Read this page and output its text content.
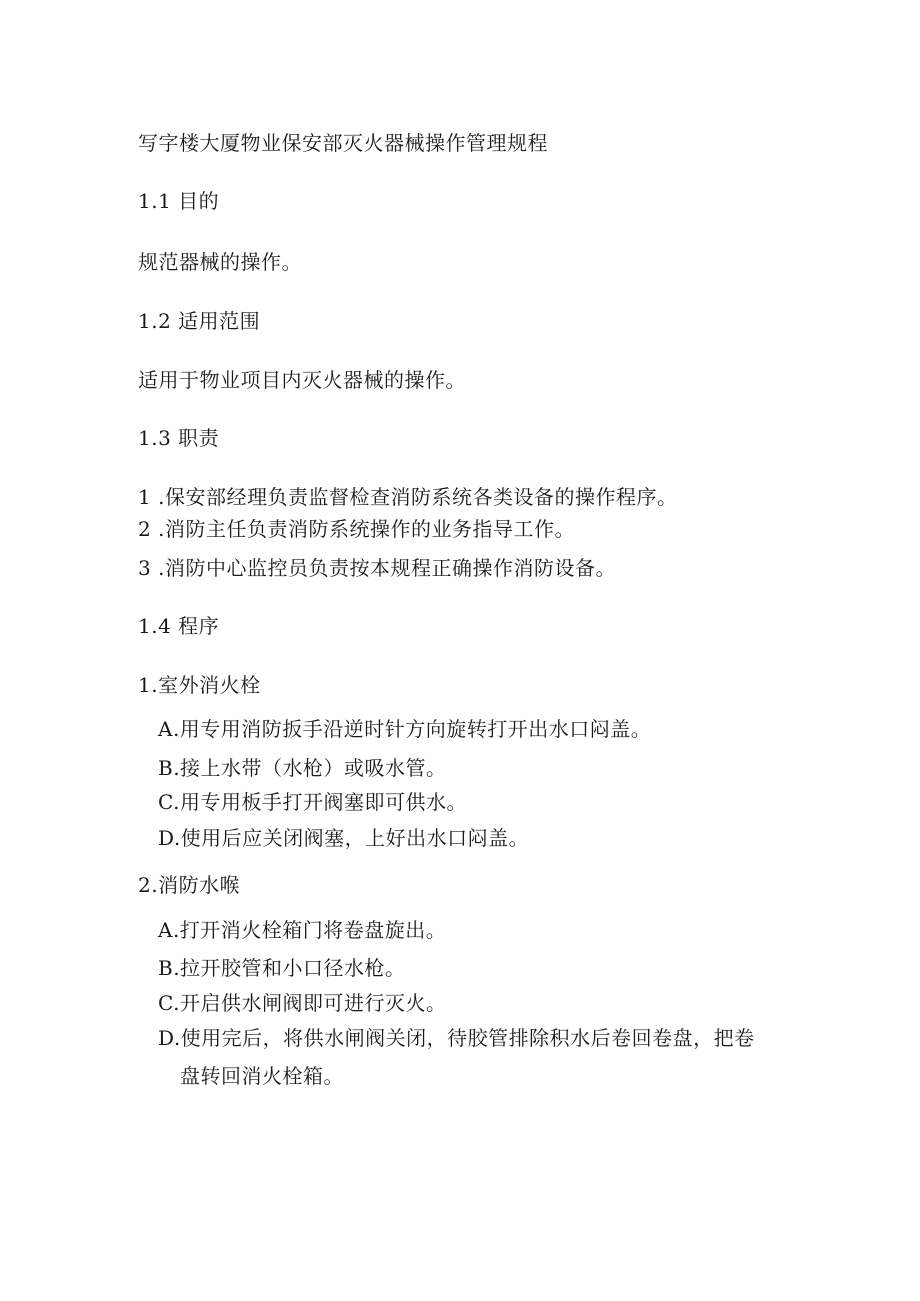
写字楼大厦物业保安部灭火器械操作管理规程
1.1 目的
规范器械的操作。
1.2 适用范围
适用于物业项目内灭火器械的操作。
1.3 职责
1 .保安部经理负责监督检查消防系统各类设备的操作程序。
2 .消防主任负责消防系统操作的业务指导工作。
3 .消防中心监控员负责按本规程正确操作消防设备。
1.4 程序
1.室外消火栓
A.用专用消防扳手沿逆时针方向旋转打开出水口闷盖。
B.接上水带（水枪）或吸水管。
C.用专用板手打开阀塞即可供水。
D.使用后应关闭阀塞，上好出水口闷盖。
2.消防水喉
A.打开消火栓箱门将卷盘旋出。
B.拉开胶管和小口径水枪。
C.开启供水闸阀即可进行灭火。
D.使用完后，将供水闸阀关闭，待胶管排除积水后卷回卷盘，把卷
盘转回消火栓箱。
